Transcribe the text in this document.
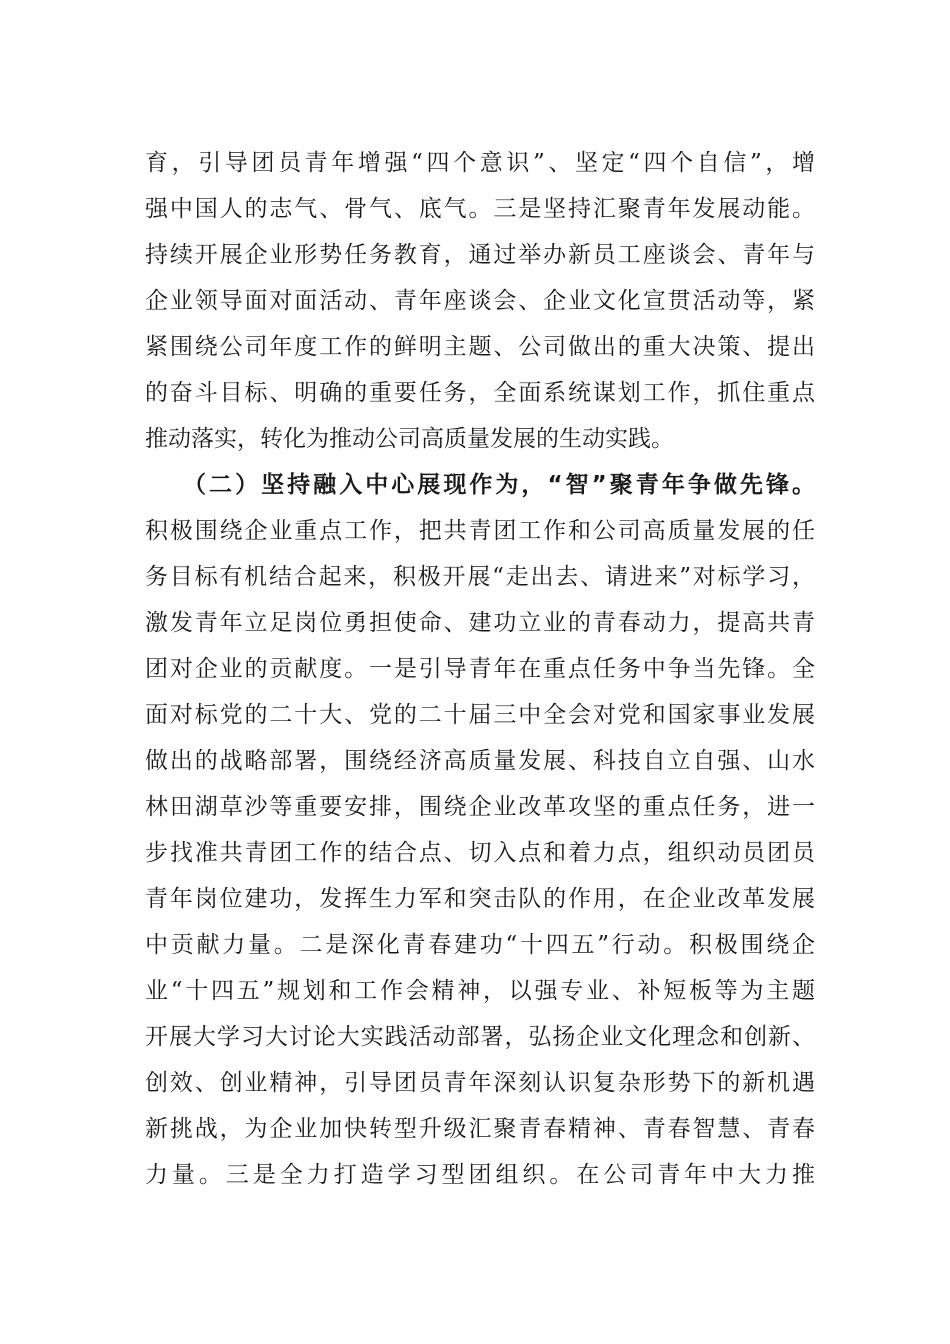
育，引导团员青年增强“四个意识”、坚定“四个自信”，增
强中国人的志气、骨气、底气。三是坚持汇聚青年发展动能。
持续开展企业形势任务教育，通过举办新员工座谈会、青年与
企业领导面对面活动、青年座谈会、企业文化宣贯活动等，紧
紧围绕公司年度工作的鲜明主题、公司做出的重大决策、提出
的奋斗目标、明确的重要任务，全面系统谋划工作，抓住重点
推动落实，转化为推动公司高质量发展的生动实践。
（二）坚持融入中心展现作为，“智”聚青年争做先锋。
积极围绕企业重点工作，把共青团工作和公司高质量发展的任
务目标有机结合起来，积极开展“走出去、请进来”对标学习，
激发青年立足岗位勇担使命、建功立业的青春动力，提高共青
团对企业的贡献度。一是引导青年在重点任务中争当先锋。全
面对标党的二十大、党的二十届三中全会对党和国家事业发展
做出的战略部署，围绕经济高质量发展、科技自立自强、山水
林田湖草沙等重要安排，围绕企业改革攻坚的重点任务，进一
步找准共青团工作的结合点、切入点和着力点，组织动员团员
青年岗位建功，发挥生力军和突击队的作用，在企业改革发展
中贡献力量。二是深化青春建功“十四五”行动。积极围绕企
业“十四五”规划和工作会精神，以强专业、补短板等为主题
开展大学习大讨论大实践活动部署，弘扬企业文化理念和创新、
创效、创业精神，引导团员青年深刻认识复杂形势下的新机遇
新挑战，为企业加快转型升级汇聚青春精神、青春智慧、青春
力量。三是全力打造学习型团组织。在公司青年中大力推
